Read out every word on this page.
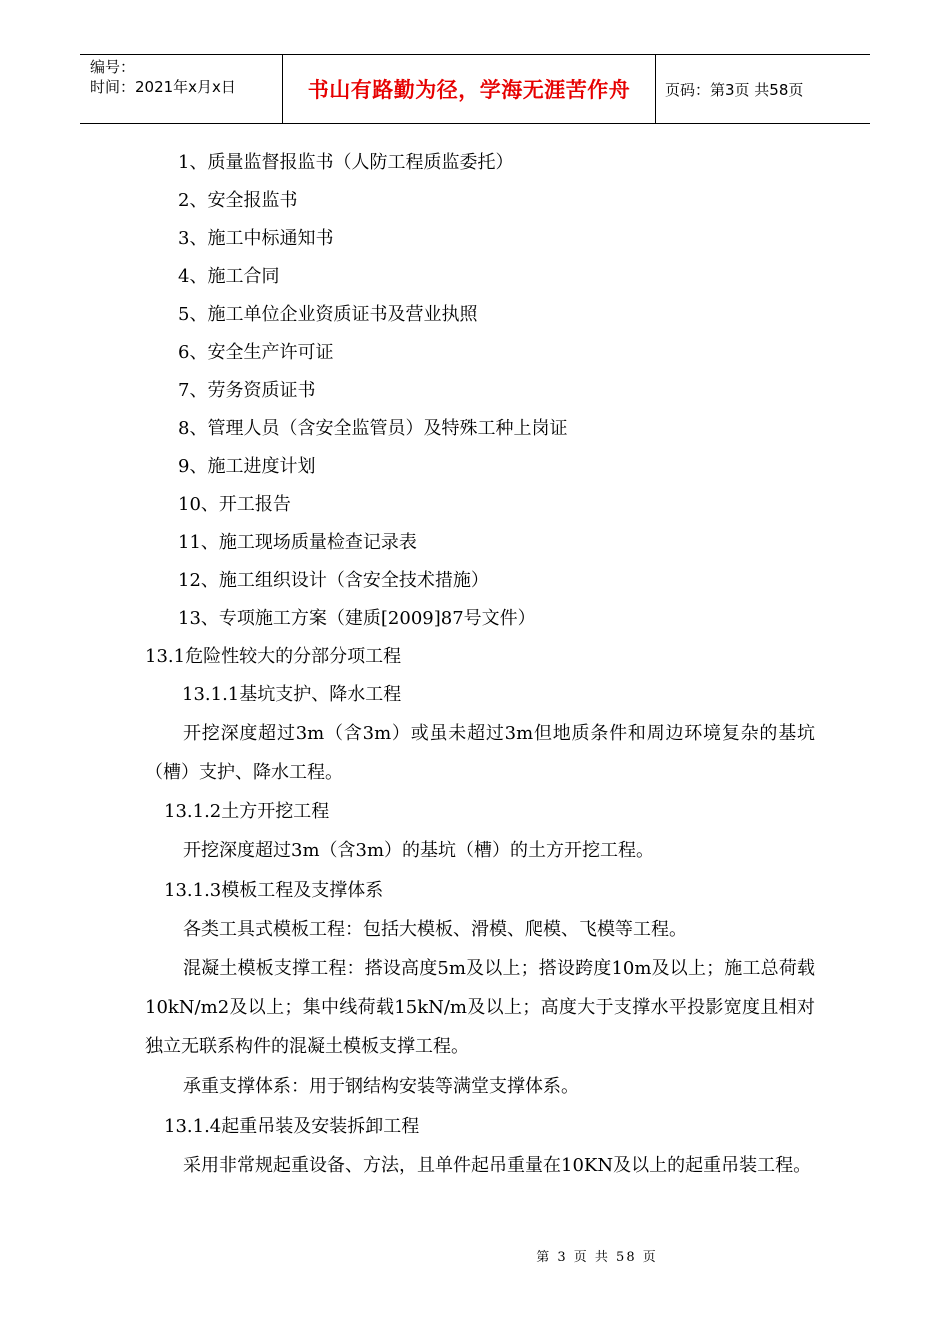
编号：
时间：2021年x月x日	书山有路勤为径，学海无涯苦作舟	页码：第3页 共58页
1、质量监督报监书（人防工程质监委托）
2、安全报监书
3、施工中标通知书
4、施工合同
5、施工单位企业资质证书及营业执照
6、安全生产许可证
7、劳务资质证书
8、管理人员（含安全监管员）及特殊工种上岗证
9、施工进度计划
10、开工报告
11、施工现场质量检查记录表
12、施工组织设计（含安全技术措施）
13、专项施工方案（建质[2009]87号文件）
13.1危险性较大的分部分项工程
13.1.1基坑支护、降水工程
开挖深度超过3m（含3m）或虽未超过3m但地质条件和周边环境复杂的基坑（槽）支护、降水工程。
13.1.2土方开挖工程
开挖深度超过3m（含3m）的基坑（槽）的土方开挖工程。
13.1.3模板工程及支撑体系
各类工具式模板工程：包括大模板、滑模、爬模、飞模等工程。
混凝土模板支撑工程：搭设高度5m及以上；搭设跨度10m及以上；施工总荷载10kN/m2及以上；集中线荷载15kN/m及以上；高度大于支撑水平投影宽度且相对独立无联系构件的混凝土模板支撑工程。
承重支撑体系：用于钢结构安装等满堂支撑体系。
13.1.4起重吊装及安装拆卸工程
采用非常规起重设备、方法，且单件起吊重量在10KN及以上的起重吊装工程。
第 3 页 共 58 页
